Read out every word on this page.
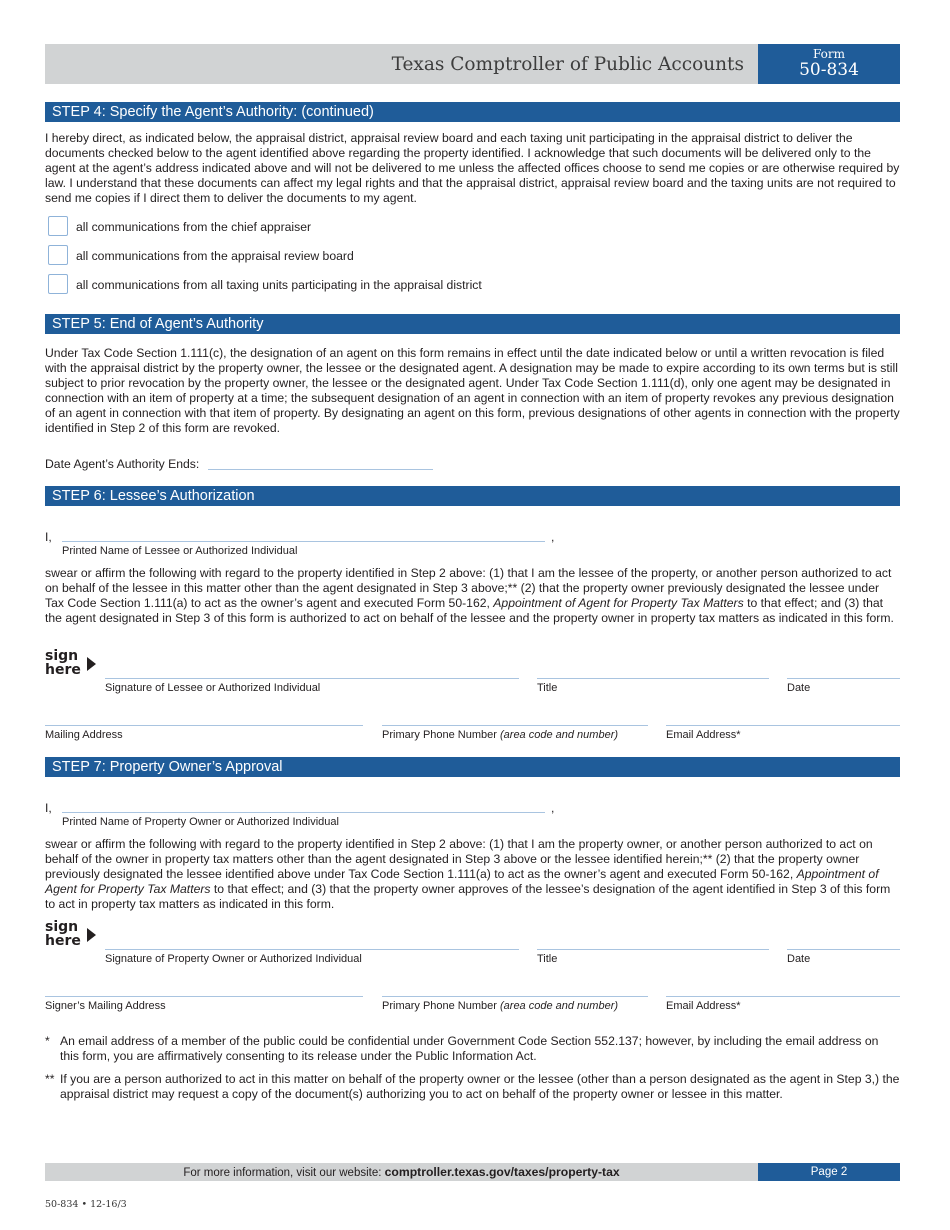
Texas Comptroller of Public Accounts	Form
50-834
STEP 4: Specify the Agent’s Authority: (continued)
I hereby direct, as indicated below, the appraisal district, appraisal review board and each taxing unit participating in the appraisal district to deliver the documents checked below to the agent identified above regarding the property identified. I acknowledge that such documents will be delivered only to the agent at the agent’s address indicated above and will not be delivered to me unless the affected offices choose to send me copies or are otherwise required by law. I understand that these documents can affect my legal rights and that the appraisal district, appraisal review board and the taxing units are not required to send me copies if I direct them to deliver the documents to my agent.
all communications from the chief appraiser
all communications from the appraisal review board
all communications from all taxing units participating in the appraisal district
STEP 5: End of Agent’s Authority
Under Tax Code Section 1.111(c), the designation of an agent on this form remains in effect until the date indicated below or until a written revocation is filed with the appraisal district by the property owner, the lessee or the designated agent. A designation may be made to expire according to its own terms but is still subject to prior revocation by the property owner, the lessee or the designated agent. Under Tax Code Section 1.111(d), only one agent may be designated in connection with an item of property at a time; the subsequent designation of an agent in connection with an item of property revokes any previous designation of an agent in connection with that item of property. By designating an agent on this form, previous designations of other agents in connection with the property identified in Step 2 of this form are revoked.
Date Agent’s Authority Ends:
STEP 6: Lessee’s Authorization
I,	,
Printed Name of Lessee or Authorized Individual
swear or affirm the following with regard to the property identified in Step 2 above: (1) that I am the lessee of the property, or another person authorized to act on behalf of the lessee in this matter other than the agent designated in Step 3 above;** (2) that the property owner previously designated the lessee under Tax Code Section 1.111(a) to act as the owner’s agent and executed Form 50-162, Appointment of Agent for Property Tax Matters to that effect; and (3) that the agent designated in Step 3 of this form is authorized to act on behalf of the lessee and the property owner in property tax matters as indicated in this form.
sign
here
Signature of Lessee or Authorized Individual	Title	Date
Mailing Address	Primary Phone Number (area code and number)	Email Address*
STEP 7: Property Owner’s Approval
I,	,
Printed Name of Property Owner or Authorized Individual
swear or affirm the following with regard to the property identified in Step 2 above: (1) that I am the property owner, or another person authorized to act on behalf of the owner in property tax matters other than the agent designated in Step 3 above or the lessee identified herein;** (2) that the property owner previously designated the lessee identified above under Tax Code Section 1.111(a) to act as the owner’s agent and executed Form 50-162, Appointment of Agent for Property Tax Matters to that effect; and (3) that the property owner approves of the lessee’s designation of the agent identified in Step 3 of this form to act in property tax matters as indicated in this form.
sign
here
Signature of Property Owner or Authorized Individual	Title	Date
Signer’s Mailing Address	Primary Phone Number (area code and number)	Email Address*
* An email address of a member of the public could be confidential under Government Code Section 552.137; however, by including the email address on this form, you are affirmatively consenting to its release under the Public Information Act.
** If you are a person authorized to act in this matter on behalf of the property owner or the lessee (other than a person designated as the agent in Step 3,) the appraisal district may request a copy of the document(s) authorizing you to act on behalf of the property owner or lessee in this matter.
For more information, visit our website: comptroller.texas.gov/taxes/property-tax	Page 2
50-834 • 12-16/3
